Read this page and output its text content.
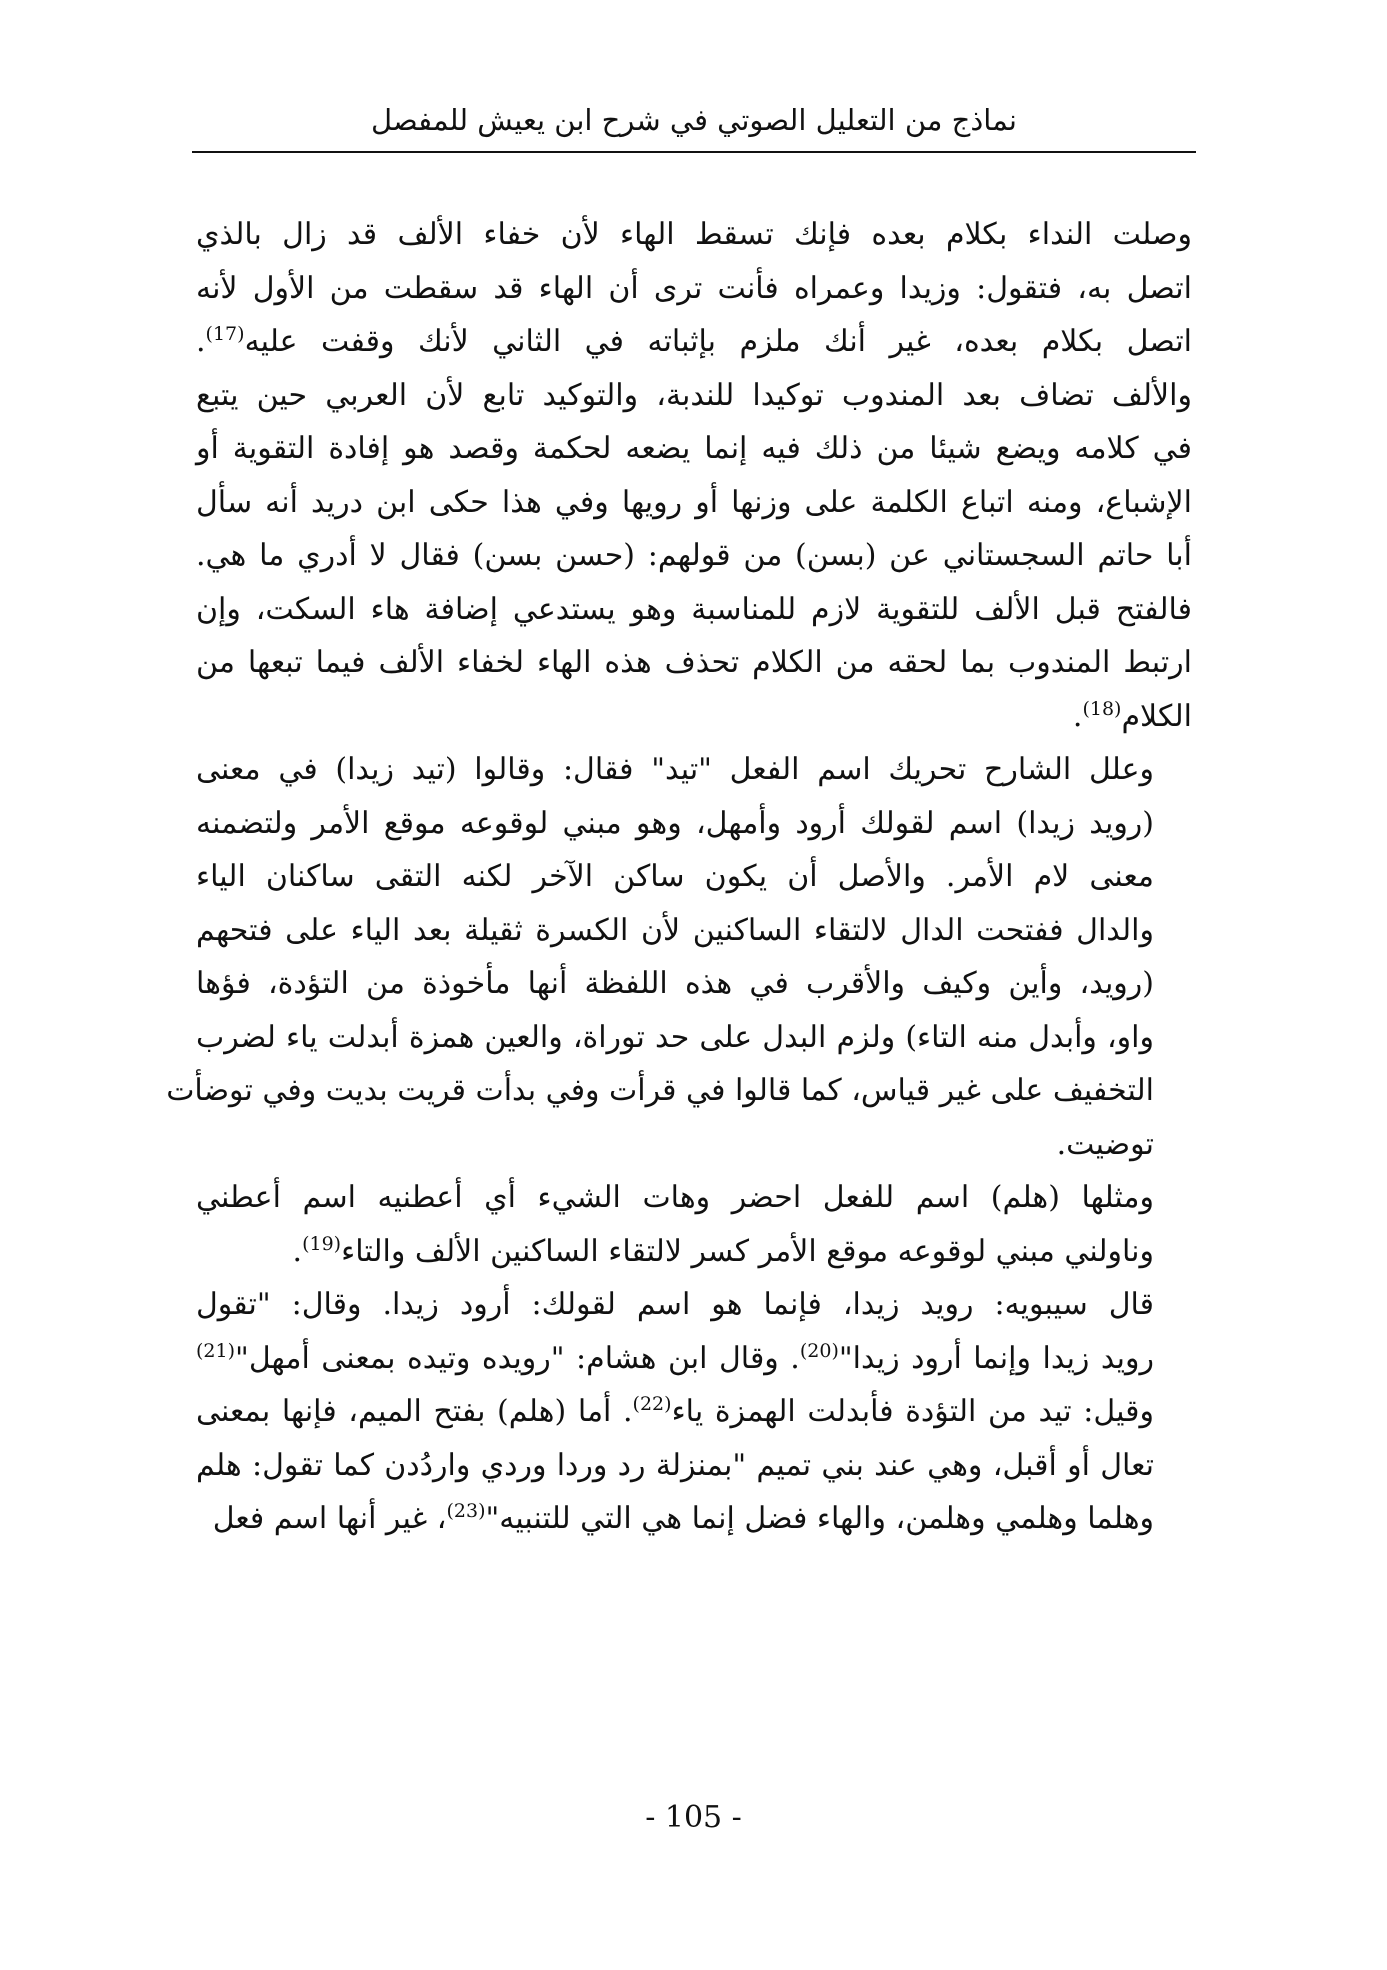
نماذج من التعليل الصوتي في شرح ابن يعيش للمفصل
وصلت النداء بكلام بعده فإنك تسقط الهاء لأن خفاء الألف قد زال بالذي
اتصل به، فتقول: وزيدا وعمراه فأنت ترى أن الهاء قد سقطت من الأول لأنه
اتصل بكلام بعده، غير أنك ملزم بإثباته في الثاني لأنك وقفت عليه$^{(17)}$.
والألف تضاف بعد المندوب توكيدا للندبة، والتوكيد تابع لأن العربي حين يتبع
في كلامه ويضع شيئا من ذلك فيه إنما يضعه لحكمة وقصد هو إفادة التقوية أو
الإشباع، ومنه اتباع الكلمة على وزنها أو رويها وفي هذا حكى ابن دريد أنه سأل
أبا حاتم السجستاني عن (بسن) من قولهم: (حسن بسن) فقال لا أدري ما هي.
فالفتح قبل الألف للتقوية لازم للمناسبة وهو يستدعي إضافة هاء السكت، وإن
ارتبط المندوب بما لحقه من الكلام تحذف هذه الهاء لخفاء الألف فيما تبعها من
الكلام$^{(18)}$.
وعلل الشارح تحريك اسم الفعل "تيد" فقال: وقالوا (تيد زيدا) في معنى
(رويد زيدا) اسم لقولك أرود وأمهل، وهو مبني لوقوعه موقع الأمر ولتضمنه
معنى لام الأمر. والأصل أن يكون ساكن الآخر لكنه التقى ساكنان الياء
والدال ففتحت الدال لالتقاء الساكنين لأن الكسرة ثقيلة بعد الياء على فتحهم
(رويد، وأين وكيف والأقرب في هذه اللفظة أنها مأخوذة من التؤدة، فؤها
واو، وأبدل منه التاء) ولزم البدل على حد توراة، والعين همزة أبدلت ياء لضرب
التخفيف على غير قياس، كما قالوا في قرأت وفي بدأت قريت بديت وفي توضأت
توضيت.
ومثلها (هلم) اسم للفعل احضر وهات الشيء أي أعطنيه اسم أعطني
وناولني مبني لوقوعه موقع الأمر كسر لالتقاء الساكنين الألف والتاء$^{(19)}$.
قال سيبويه: رويد زيدا، فإنما هو اسم لقولك: أرود زيدا. وقال: "تقول
رويد زيدا وإنما أرود زيدا"$^{(20)}$. وقال ابن هشام: "رويده وتيده بمعنى أمهل"$^{(21)}$
وقيل: تيد من التؤدة فأبدلت الهمزة ياء$^{(22)}$. أما (هلم) بفتح الميم، فإنها بمعنى
تعال أو أقبل، وهي عند بني تميم "بمنزلة رد وردا وردي واردُدن كما تقول: هلم
وهلما وهلمي وهلمن، والهاء فضل إنما هي التي للتنبيه"$^{(23)}$، غير أنها اسم فعل
- 105 -
